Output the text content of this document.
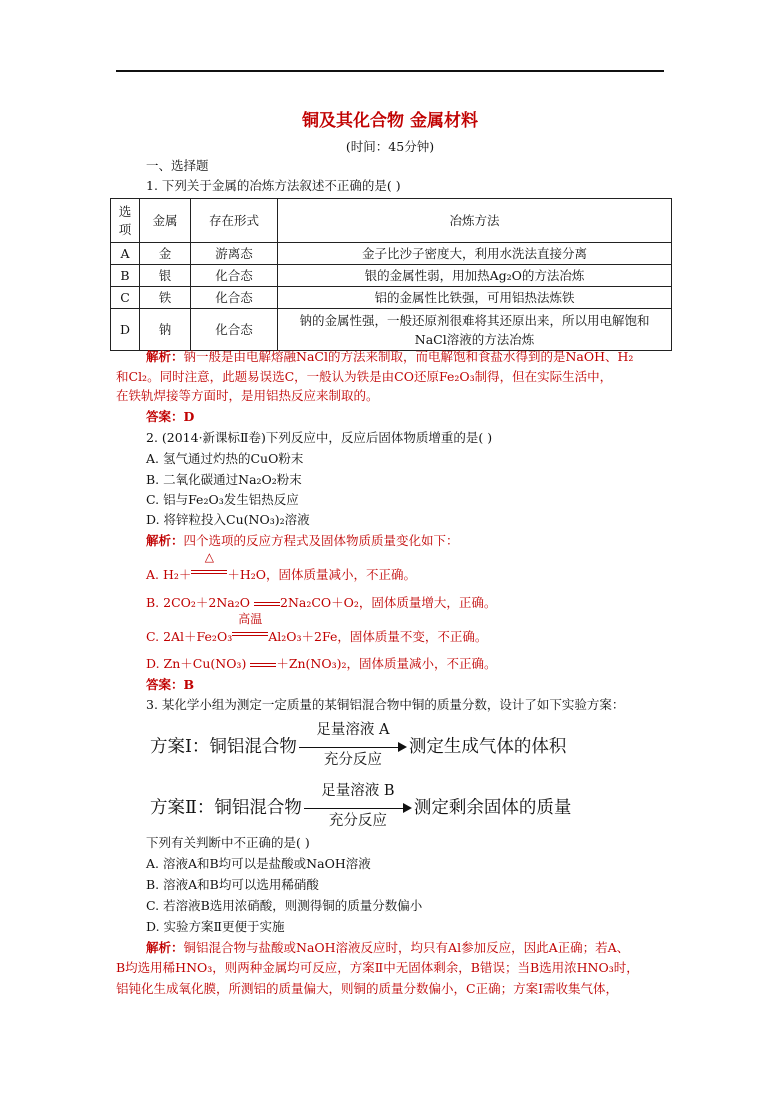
铜及其化合物 金属材料
(时间：45分钟)
一、选择题
1. 下列关于金属的冶炼方法叙述不正确的是( )
选项	金属	存在形式	冶炼方法
A	金	游离态	金子比沙子密度大，利用水洗法直接分离
B	银	化合态	银的金属性弱，用加热Ag₂O的方法冶炼
C	铁	化合态	铝的金属性比铁强，可用铝热法炼铁
D	钠	化合态	钠的金属性强，一般还原剂很难将其还原出来，所以用电解饱和NaCl溶液的方法冶炼
解析：钠一般是由电解熔融NaCl的方法来制取，而电解饱和食盐水得到的是NaOH、H₂
和Cl₂。同时注意，此题易误选C，一般认为铁是由CO还原Fe₂O₃制得，但在实际生活中，
在铁轨焊接等方面时，是用铝热反应来制取的。
答案：D
2. (2014·新课标Ⅱ卷)下列反应中，反应后固体物质增重的是( )
A. 氢气通过灼热的CuO粉末
B. 二氧化碳通过Na₂O₂粉末
C. 铝与Fe₂O₃发生铝热反应
D. 将锌粒投入Cu(NO₃)₂溶液
解析：四个选项的反应方程式及固体物质质量变化如下：
A. H₂＋
△
＋H₂O，固体质量减小，不正确。
B. 2CO₂＋2Na₂O 2Na₂CO＋O₂，固体质量增大，正确。
C. 2Al＋Fe₂O₃
高温
Al₂O₃＋2Fe，固体质量不变，不正确。
D. Zn＋Cu(NO₃) ＋Zn(NO₃)₂，固体质量减小，不正确。
答案：B
3. 某化学小组为测定一定质量的某铜铝混合物中铜的质量分数，设计了如下实验方案：
方案Ⅰ：铜铝混合物
足量溶液 A
充分反应
测定生成气体的体积
方案Ⅱ：铜铝混合物
足量溶液 B
充分反应
测定剩余固体的质量
下列有关判断中不正确的是( )
A. 溶液A和B均可以是盐酸或NaOH溶液
B. 溶液A和B均可以选用稀硝酸
C. 若溶液B选用浓硝酸，则测得铜的质量分数偏小
D. 实验方案Ⅱ更便于实施
解析：铜铝混合物与盐酸或NaOH溶液反应时，均只有Al参加反应，因此A正确；若A、
B均选用稀HNO₃，则两种金属均可反应，方案Ⅱ中无固体剩余，B错误；当B选用浓HNO₃时，
铝钝化生成氧化膜，所测铝的质量偏大，则铜的质量分数偏小，C正确；方案Ⅰ需收集气体，
